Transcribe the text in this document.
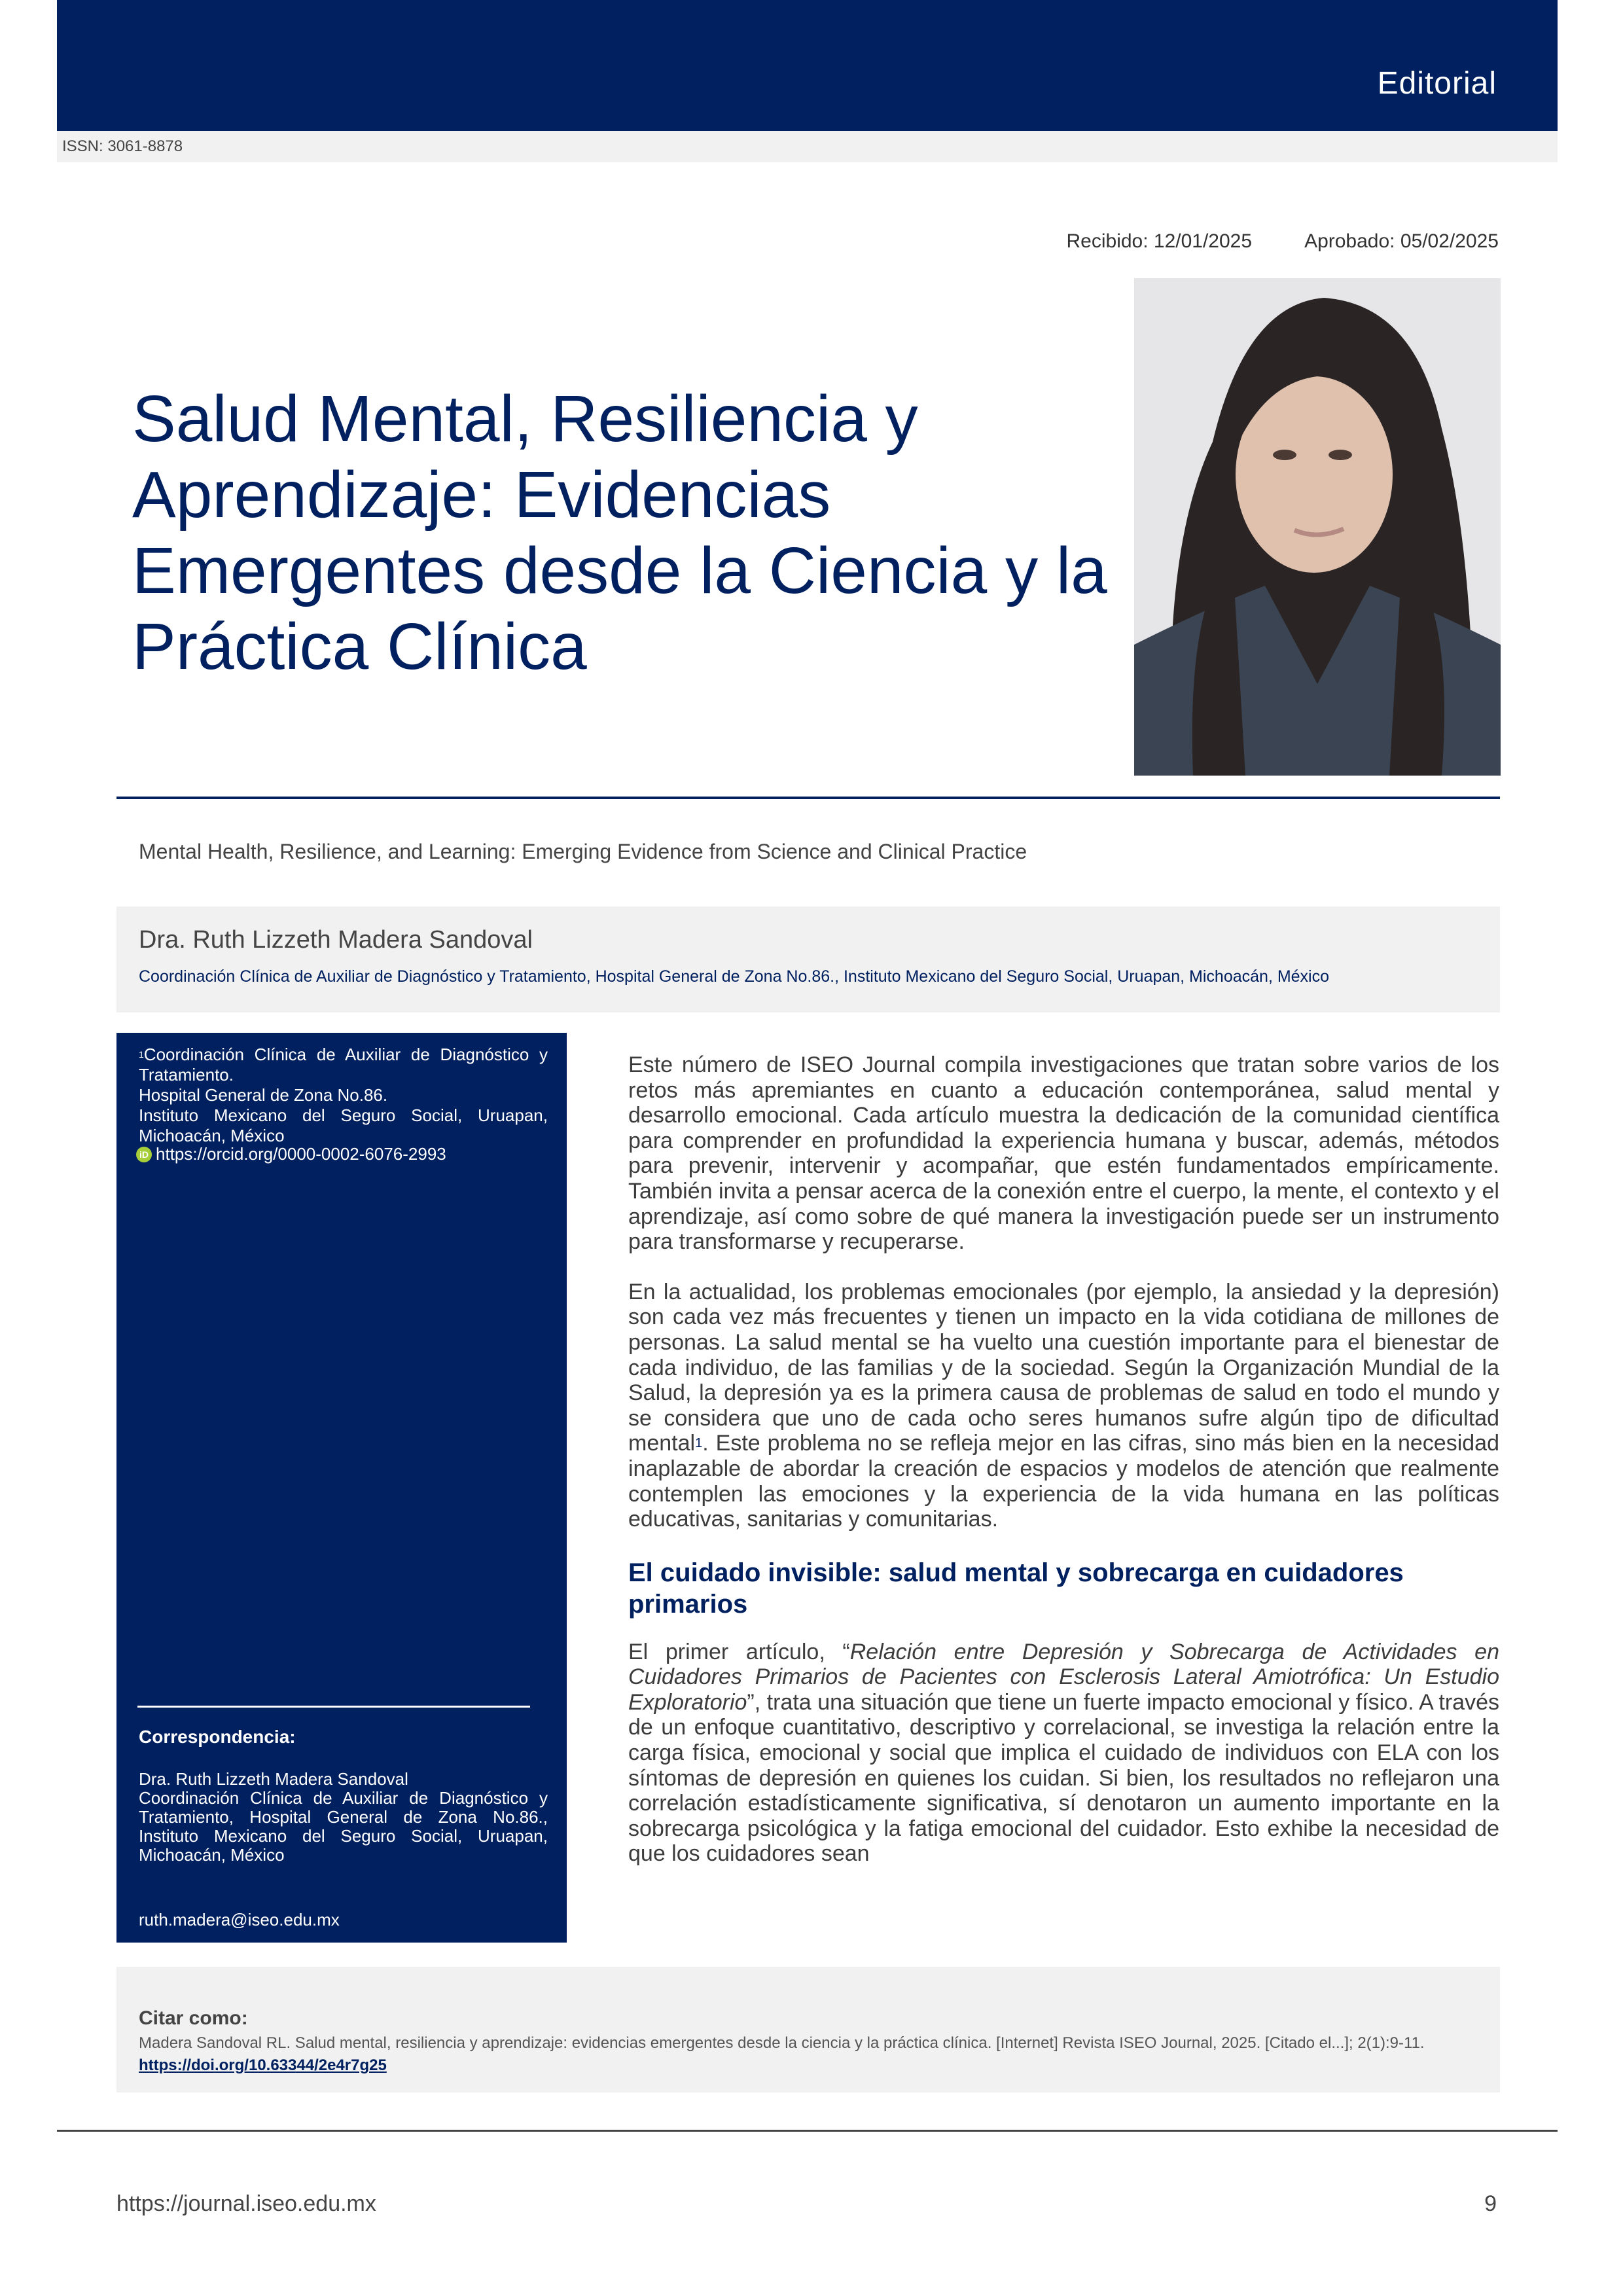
Editorial
ISSN: 3061-8878
Recibido: 12/01/2025	Aprobado: 05/02/2025
Salud Mental, Resiliencia y Aprendizaje: Evidencias Emergentes desde la Ciencia y la Práctica Clínica
Mental Health, Resilience, and Learning: Emerging Evidence from Science and Clinical Practice
Dra. Ruth Lizzeth Madera Sandoval
Coordinación Clínica de Auxiliar de Diagnóstico y Tratamiento, Hospital General de Zona No.86., Instituto Mexicano del Seguro Social, Uruapan, Michoacán, México
$^1$Coordinación Clínica de Auxiliar de Diagnóstico y Tratamiento.
Hospital General de Zona No.86.
Instituto Mexicano del Seguro Social, Uruapan, Michoacán, México
iD https://orcid.org/0000-0002-6076-2993
Correspondencia:
Dra. Ruth Lizzeth Madera Sandoval
Coordinación Clínica de Auxiliar de Diagnóstico y Tratamiento, Hospital General de Zona No.86., Instituto Mexicano del Seguro Social, Uruapan, Michoacán, México
ruth.madera@iseo.edu.mx

Este número de ISEO Journal compila investigaciones que tratan sobre varios de los retos más apremiantes en cuanto a educación contemporánea, salud mental y desarrollo emocional. Cada artículo muestra la dedicación de la comunidad científica para comprender en profundidad la experiencia humana y buscar, además, métodos para prevenir, intervenir y acompañar, que estén fundamentados empíricamente. También invita a pensar acerca de la conexión entre el cuerpo, la mente, el contexto y el aprendizaje, así como sobre de qué manera la investigación puede ser un instrumento para transformarse y recuperarse.

En la actualidad, los problemas emocionales (por ejemplo, la ansiedad y la depresión) son cada vez más frecuentes y tienen un impacto en la vida cotidiana de millones de personas. La salud mental se ha vuelto una cuestión importante para el bienestar de cada individuo, de las familias y de la sociedad. Según la Organización Mundial de la Salud, la depresión ya es la primera causa de problemas de salud en todo el mundo y se considera que uno de cada ocho seres humanos sufre algún tipo de dificultad mental$^1$. Este problema no se refleja mejor en las cifras, sino más bien en la necesidad inaplazable de abordar la creación de espacios y modelos de atención que realmente contemplen las emociones y la experiencia de la vida humana en las políticas educativas, sanitarias y comunitarias.

El cuidado invisible: salud mental y sobrecarga en cuidadores primarios

El primer artículo, “Relación entre Depresión y Sobrecarga de Actividades en Cuidadores Primarios de Pacientes con Esclerosis Lateral Amiotrófica: Un Estudio Exploratorio”, trata una situación que tiene un fuerte impacto emocional y físico. A través de un enfoque cuantitativo, descriptivo y correlacional, se investiga la relación entre la carga física, emocional y social que implica el cuidado de individuos con ELA con los síntomas de depresión en quienes los cuidan. Si bien, los resultados no reflejaron una correlación estadísticamente significativa, sí denotaron un aumento importante en la sobrecarga psicológica y la fatiga emocional del cuidador. Esto exhibe la necesidad de que los cuidadores sean

Citar como:
Madera Sandoval RL. Salud mental, resiliencia y aprendizaje: evidencias emergentes desde la ciencia y la práctica clínica. [Internet] Revista ISEO Journal, 2025. [Citado el...]; 2(1):9-11. https://doi.org/10.63344/2e4r7g25
https://journal.iseo.edu.mx	9
